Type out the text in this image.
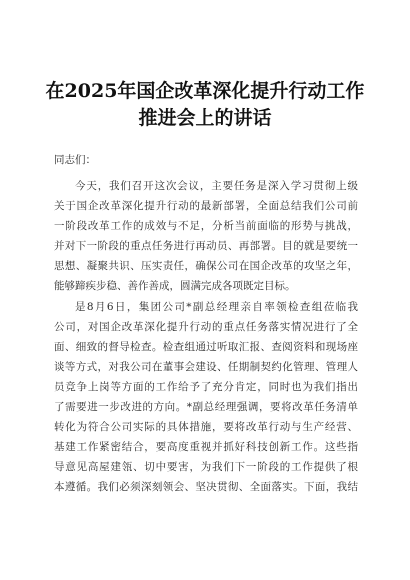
在2025年国企改革深化提升行动工作
推进会上的讲话
同志们：
今天，我们召开这次会议，主要任务是深入学习贯彻上级
关于国企改革深化提升行动的最新部署，全面总结我们公司前
一阶段改革工作的成效与不足，分析当前面临的形势与挑战，
并对下一阶段的重点任务进行再动员、再部署。目的就是要统一
思想、凝聚共识、压实责任，确保公司在国企改革的攻坚之年，
能够蹄疾步稳、善作善成，圆满完成各项既定目标。
是8月6日，集团公司*副总经理亲自率领检查组莅临我
公司，对国企改革深化提升行动的重点任务落实情况进行了全
面、细致的督导检查。检查组通过听取汇报、查阅资料和现场座
谈等方式，对我公司在董事会建设、任期制契约化管理、管理人
员竞争上岗等方面的工作给予了充分肯定，同时也为我们指出
了需要进一步改进的方向。*副总经理强调，要将改革任务清单
转化为符合公司实际的具体措施，要将改革行动与生产经营、
基建工作紧密结合，要高度重视并抓好科技创新工作。这些指
导意见高屋建瓴、切中要害，为我们下一阶段的工作提供了根
本遵循。我们必须深刻领会、坚决贯彻、全面落实。下面，我结
